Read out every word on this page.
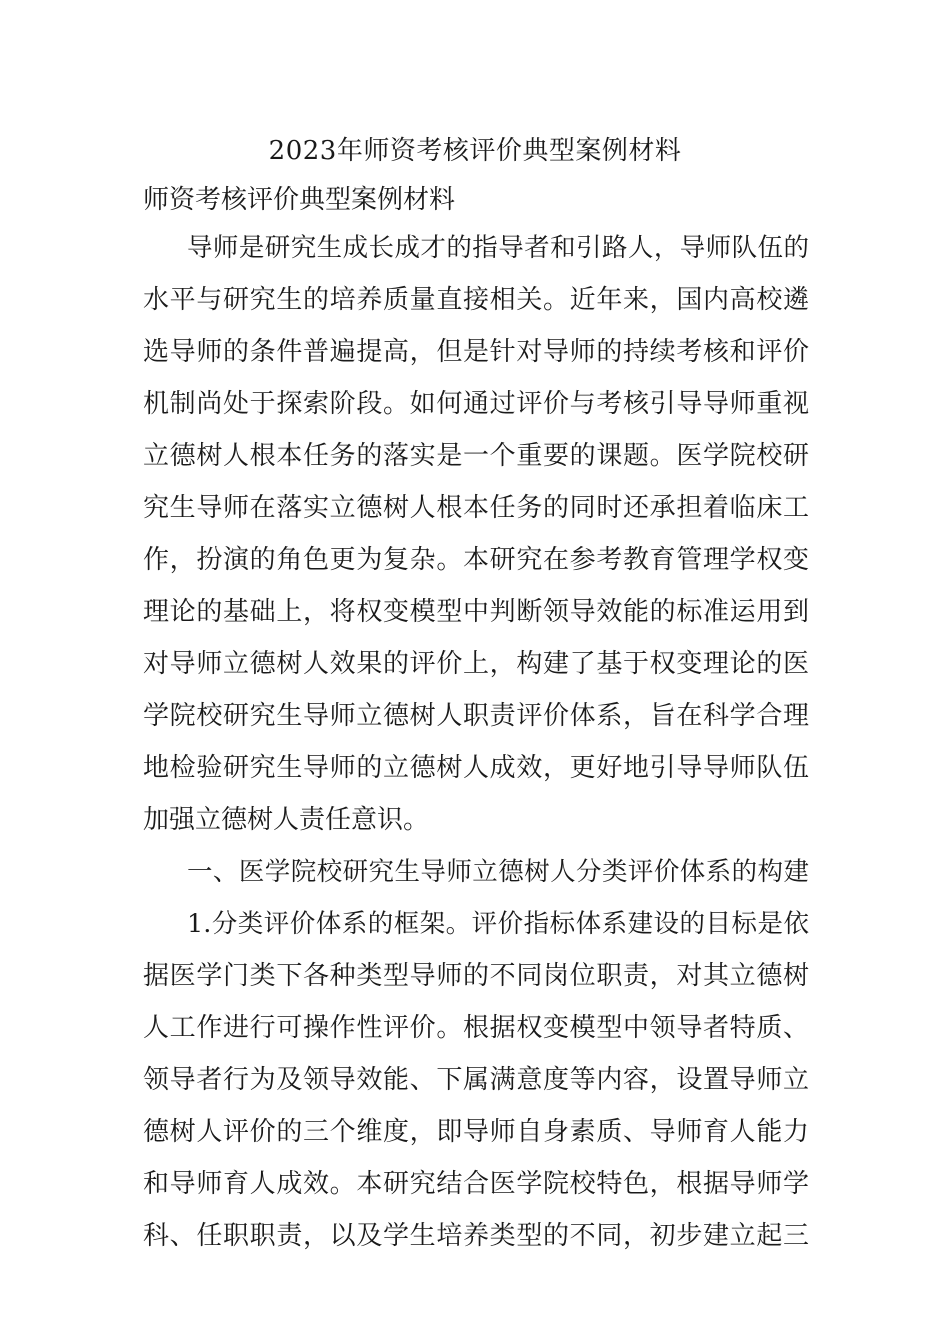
2023年师资考核评价典型案例材料
师资考核评价典型案例材料
导师是研究生成长成才的指导者和引路人，导师队伍的
水平与研究生的培养质量直接相关。近年来，国内高校遴
选导师的条件普遍提高，但是针对导师的持续考核和评价
机制尚处于探索阶段。如何通过评价与考核引导导师重视
立德树人根本任务的落实是一个重要的课题。医学院校研
究生导师在落实立德树人根本任务的同时还承担着临床工
作，扮演的角色更为复杂。本研究在参考教育管理学权变
理论的基础上，将权变模型中判断领导效能的标准运用到
对导师立德树人效果的评价上，构建了基于权变理论的医
学院校研究生导师立德树人职责评价体系，旨在科学合理
地检验研究生导师的立德树人成效，更好地引导导师队伍
加强立德树人责任意识。
一、医学院校研究生导师立德树人分类评价体系的构建
1.分类评价体系的框架。评价指标体系建设的目标是依
据医学门类下各种类型导师的不同岗位职责，对其立德树
人工作进行可操作性评价。根据权变模型中领导者特质、
领导者行为及领导效能、下属满意度等内容，设置导师立
德树人评价的三个维度，即导师自身素质、导师育人能力
和导师育人成效。本研究结合医学院校特色，根据导师学
科、任职职责，以及学生培养类型的不同，初步建立起三
